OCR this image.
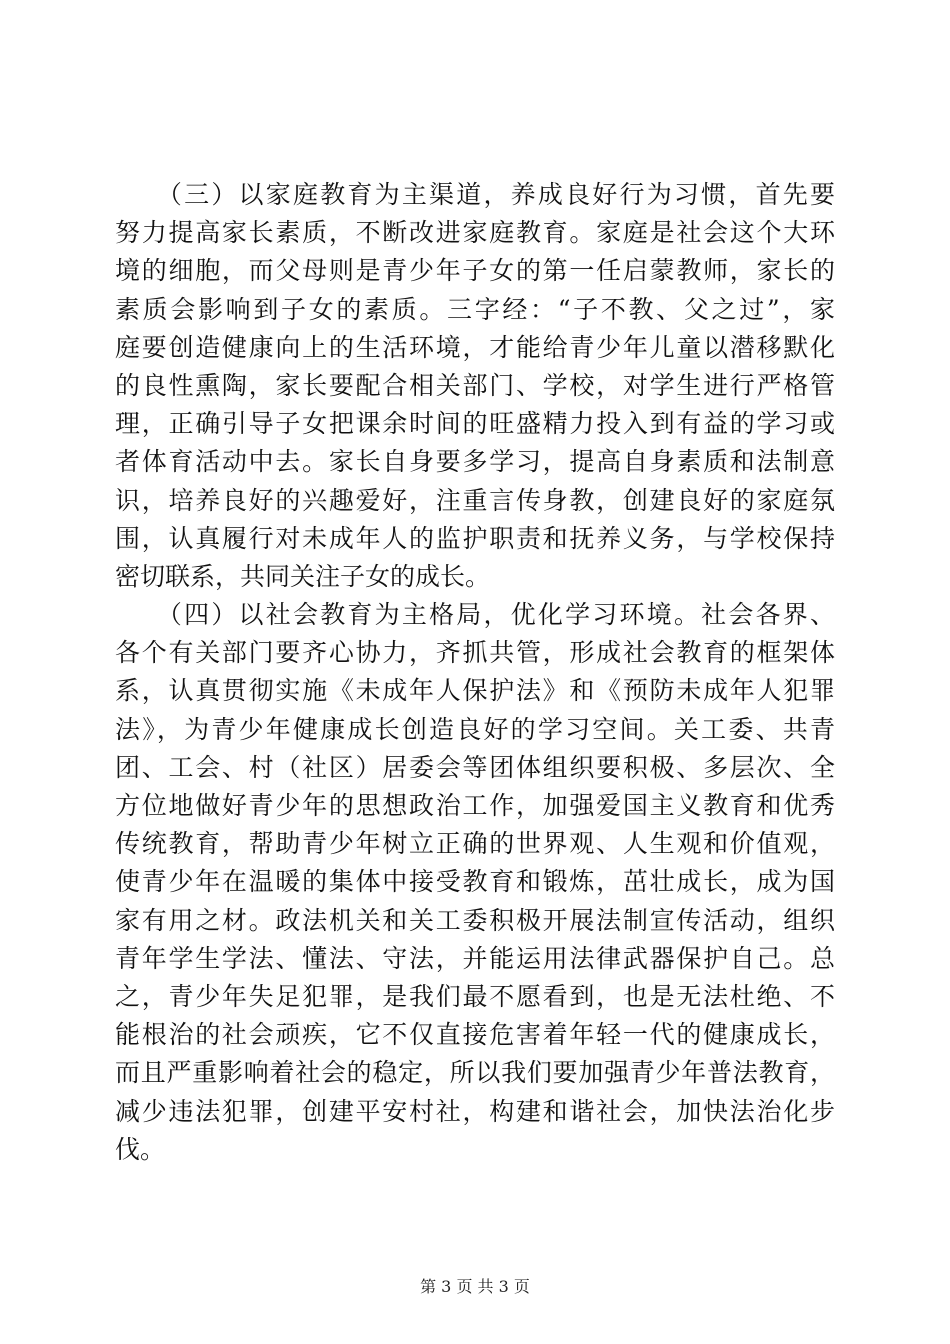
　　（三）以家庭教育为主渠道，养成良好行为习惯，首先要
努力提高家长素质，不断改进家庭教育。家庭是社会这个大环
境的细胞，而父母则是青少年子女的第一任启蒙教师，家长的
素质会影响到子女的素质。三字经：“子不教、父之过”，家
庭要创造健康向上的生活环境，才能给青少年儿童以潜移默化
的良性熏陶，家长要配合相关部门、学校，对学生进行严格管
理，正确引导子女把课余时间的旺盛精力投入到有益的学习或
者体育活动中去。家长自身要多学习，提高自身素质和法制意
识，培养良好的兴趣爱好，注重言传身教，创建良好的家庭氛
围，认真履行对未成年人的监护职责和抚养义务，与学校保持
密切联系，共同关注子女的成长。
　　（四）以社会教育为主格局，优化学习环境。社会各界、
各个有关部门要齐心协力，齐抓共管，形成社会教育的框架体
系，认真贯彻实施《未成年人保护法》和《预防未成年人犯罪
法》，为青少年健康成长创造良好的学习空间。关工委、共青
团、工会、村（社区）居委会等团体组织要积极、多层次、全
方位地做好青少年的思想政治工作，加强爱国主义教育和优秀
传统教育，帮助青少年树立正确的世界观、人生观和价值观，
使青少年在温暖的集体中接受教育和锻炼，茁壮成长，成为国
家有用之材。政法机关和关工委积极开展法制宣传活动，组织
青年学生学法、懂法、守法，并能运用法律武器保护自己。总
之，青少年失足犯罪，是我们最不愿看到，也是无法杜绝、不
能根治的社会顽疾，它不仅直接危害着年轻一代的健康成长，
而且严重影响着社会的稳定，所以我们要加强青少年普法教育，
减少违法犯罪，创建平安村社，构建和谐社会，加快法治化步
伐。
第 3 页 共 3 页
